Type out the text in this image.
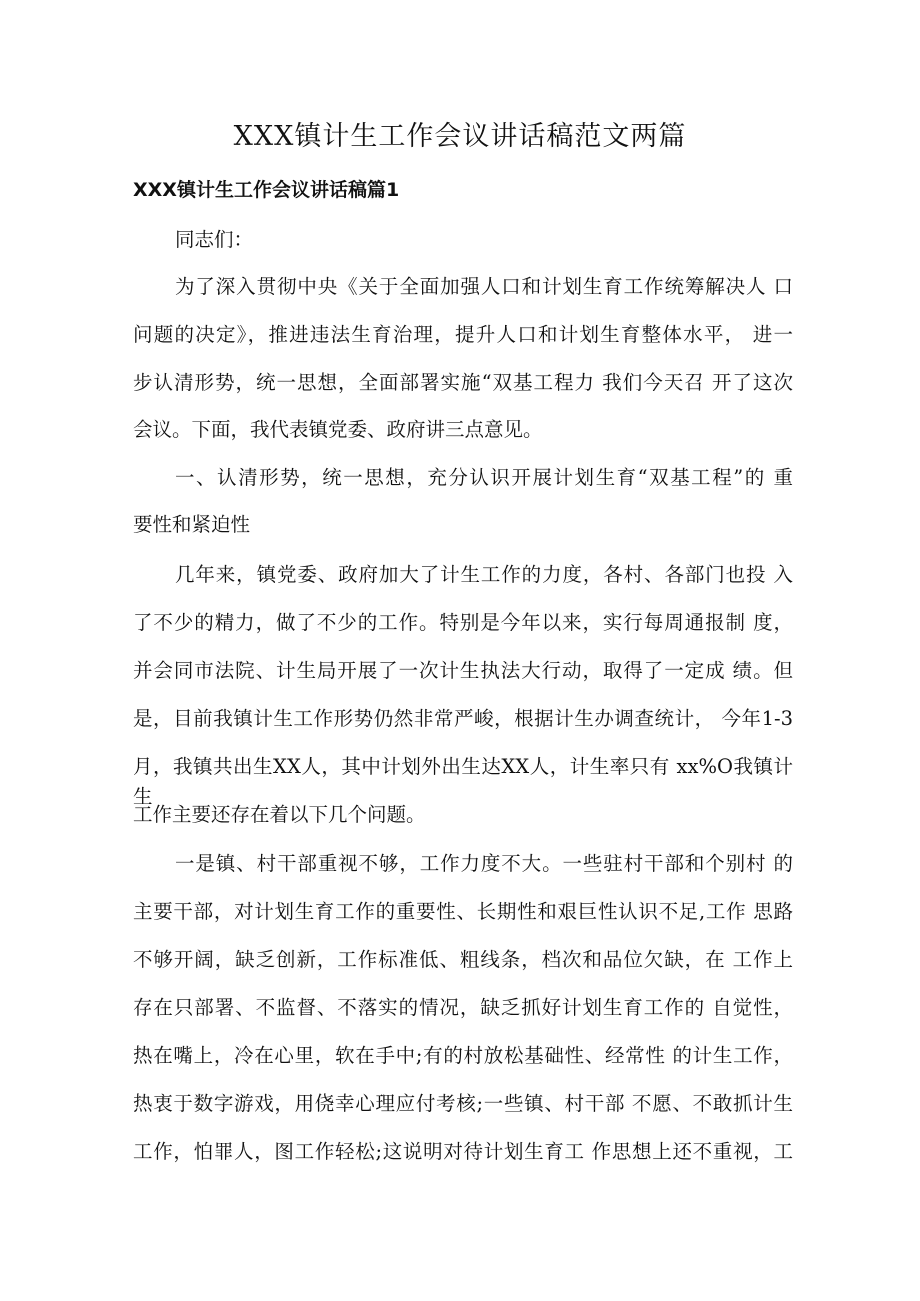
XXX镇计生工作会议讲话稿范文两篇
XXX镇计生工作会议讲话稿篇1
同志们：
为了深入贯彻中央《关于全面加强人口和计划生育工作统筹解决人 口
问题的决定》，推进违法生育治理，提升人口和计划生育整体水平， 进一
步认清形势，统一思想，全面部署实施“双基工程力 我们今天召 开了这次
会议。下面，我代表镇党委、政府讲三点意见。
一、认清形势，统一思想，充分认识开展计划生育“双基工程”的 重
要性和紧迫性
几年来，镇党委、政府加大了计生工作的力度，各村、各部门也投 入
了不少的精力，做了不少的工作。特别是今年以来，实行每周通报制 度，
并会同市法院、计生局开展了一次计生执法大行动，取得了一定成 绩。但
是，目前我镇计生工作形势仍然非常严峻，根据计生办调查统计， 今年1-3
月，我镇共出生XX人，其中计划外出生达XX人，计生率只有 xx%O我镇计生
工作主要还存在着以下几个问题。
一是镇、村干部重视不够，工作力度不大。一些驻村干部和个别村 的
主要干部，对计划生育工作的重要性、长期性和艰巨性认识不足,工作 思路
不够开阔，缺乏创新，工作标准低、粗线条，档次和品位欠缺，在 工作上
存在只部署、不监督、不落实的情况，缺乏抓好计划生育工作的 自觉性，
热在嘴上，冷在心里，软在手中;有的村放松基础性、经常性 的计生工作，
热衷于数字游戏，用侥幸心理应付考核;一些镇、村干部 不愿、不敢抓计生
工作，怕罪人，图工作轻松;这说明对待计划生育工 作思想上还不重视，工
